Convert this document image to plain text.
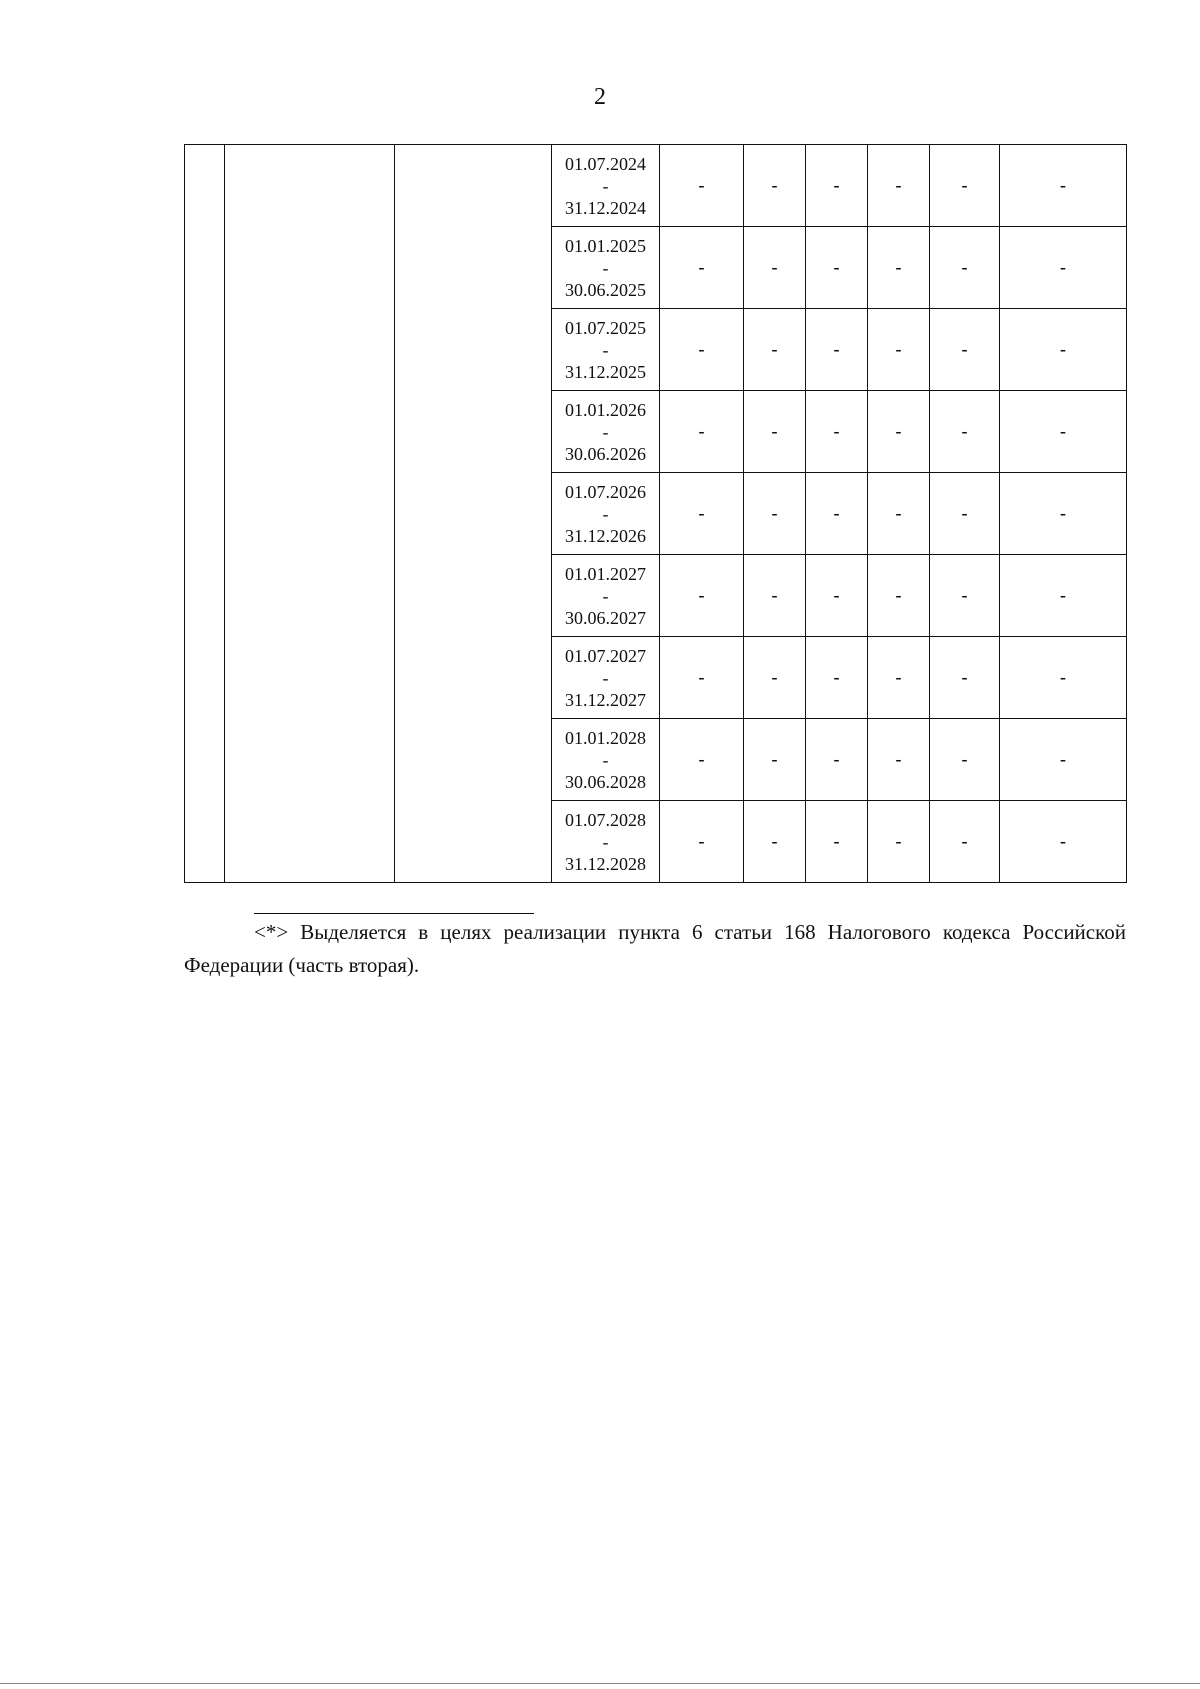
2

			01.07.2024
-
31.12.2024	-	-	-	-	-	-

			01.01.2025
-
30.06.2025	-	-	-	-	-	-

			01.07.2025
-
31.12.2025	-	-	-	-	-	-

			01.01.2026
-
30.06.2026	-	-	-	-	-	-

			01.07.2026
-
31.12.2026	-	-	-	-	-	-

			01.01.2027
-
30.06.2027	-	-	-	-	-	-

			01.07.2027
-
31.12.2027	-	-	-	-	-	-

			01.01.2028
-
30.06.2028	-	-	-	-	-	-

			01.07.2028
-
31.12.2028	-	-	-	-	-	-
<*> Выделяется в целях реализации пункта 6 статьи 168 Налогового кодекса Российской Федерации (часть вторая).
